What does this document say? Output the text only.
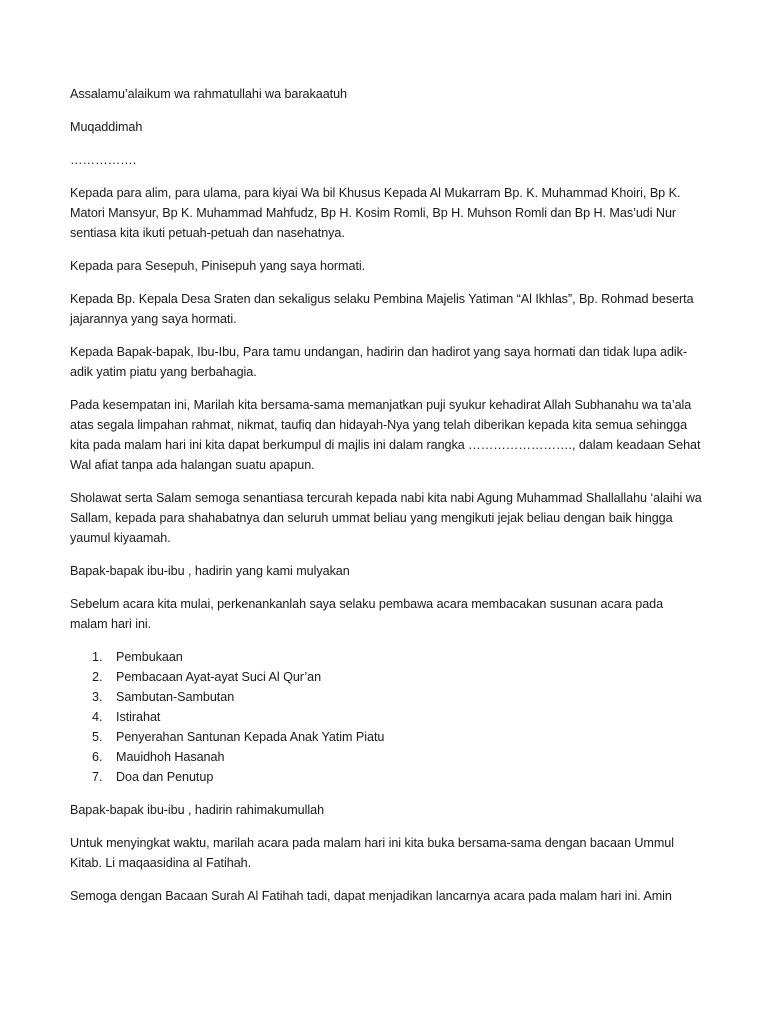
Assalamu’alaikum wa rahmatullahi wa barakaatuh

Muqaddimah

…………….

Kepada para alim, para ulama, para kiyai Wa bil Khusus Kepada Al Mukarram Bp. K. Muhammad Khoiri, Bp K. Matori Mansyur, Bp K. Muhammad Mahfudz, Bp H. Kosim Romli, Bp H. Muhson Romli dan Bp H. Mas’udi Nur sentiasa kita ikuti petuah-petuah dan nasehatnya.

Kepada para Sesepuh, Pinisepuh yang saya hormati.

Kepada Bp. Kepala Desa Sraten dan sekaligus selaku Pembina Majelis Yatiman “Al Ikhlas”, Bp. Rohmad beserta jajarannya yang saya hormati.

Kepada Bapak-bapak, Ibu-Ibu, Para tamu undangan, hadirin dan hadirot yang saya hormati dan tidak lupa adik-adik yatim piatu yang berbahagia.

Pada kesempatan ini, Marilah kita bersama-sama memanjatkan puji syukur kehadirat Allah Subhanahu wa ta’ala atas segala limpahan rahmat, nikmat, taufiq dan hidayah-Nya yang telah diberikan kepada kita semua sehingga kita pada malam hari ini kita dapat berkumpul di majlis ini dalam rangka ……………………., dalam keadaan Sehat Wal afiat tanpa ada halangan suatu apapun.

Sholawat serta Salam semoga senantiasa tercurah kepada nabi kita nabi Agung Muhammad Shallallahu ‘alaihi wa Sallam, kepada para shahabatnya dan seluruh ummat beliau yang mengikuti jejak beliau dengan baik hingga yaumul kiyaamah.

Bapak-bapak ibu-ibu , hadirin yang kami mulyakan

Sebelum acara kita mulai, perkenankanlah saya selaku pembawa acara membacakan susunan acara pada malam hari ini.

1. Pembukaan
2. Pembacaan Ayat-ayat Suci Al Qur’an
3. Sambutan-Sambutan
4. Istirahat
5. Penyerahan Santunan Kepada Anak Yatim Piatu
6. Mauidhoh Hasanah
7. Doa dan Penutup

Bapak-bapak ibu-ibu , hadirin rahimakumullah

Untuk menyingkat waktu, marilah acara pada malam hari ini kita buka bersama-sama dengan bacaan Ummul Kitab. Li maqaasidina al Fatihah.

Semoga dengan Bacaan Surah Al Fatihah tadi, dapat menjadikan lancarnya acara pada malam hari ini. Amin
